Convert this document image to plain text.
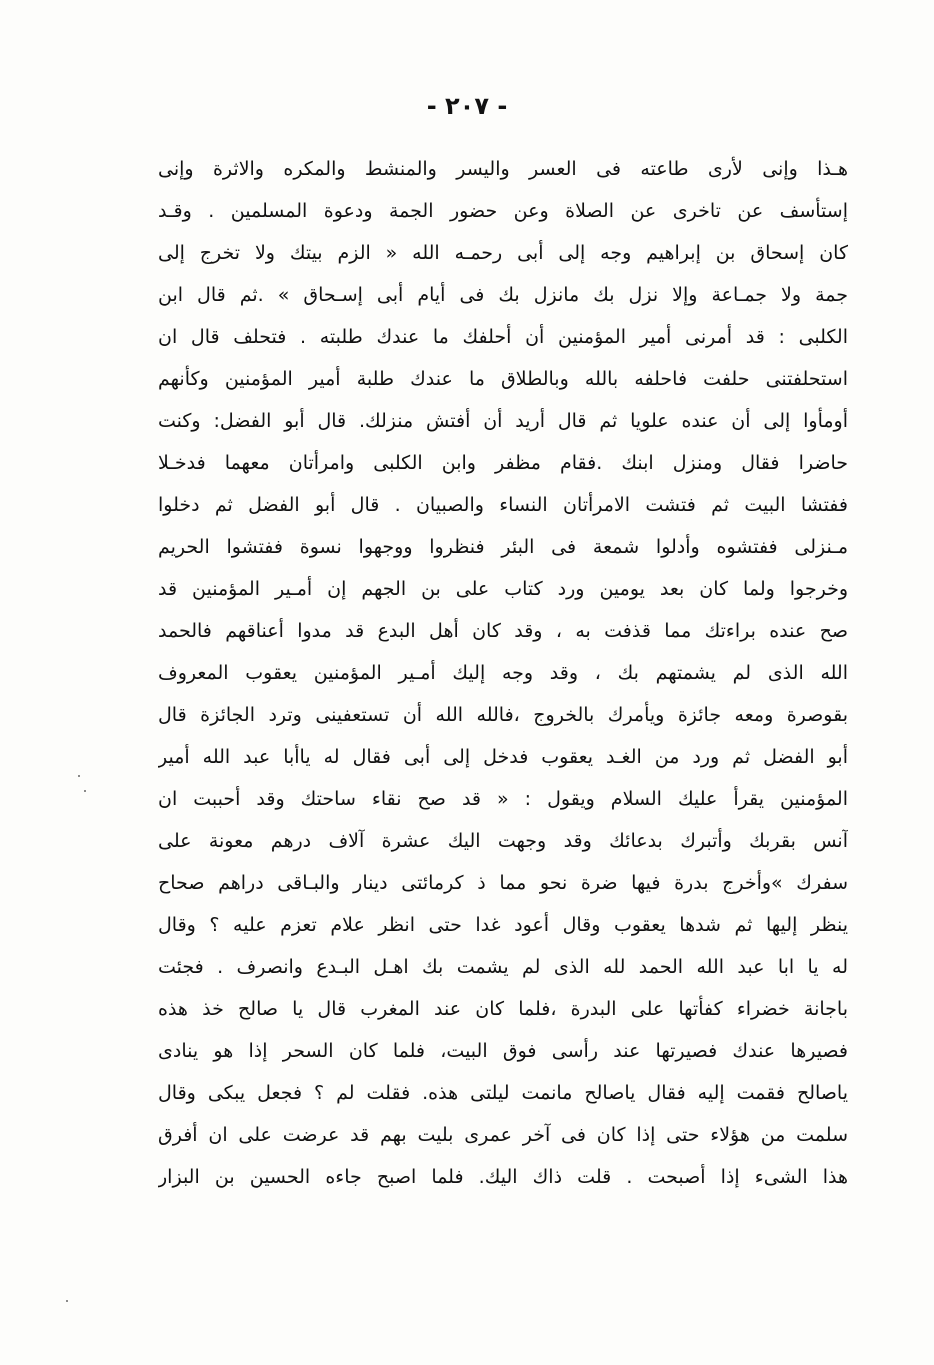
- ٢٠٧ -
هـذا وإنى لأرى طاعته فى العسر واليسر والمنشط والمكره والاثرة وإنى
إستأسف عن تاخرى عن الصلاة وعن حضور الجمة ودعوة المسلمين . وقـد
كان إسحاق بن إبراهيم وجه إلى أبى رحمـه الله « الزم بيتك ولا تخرج إلى
جمة ولا جمـاعة وإلا نزل بك مانزل بك فى أيام أبى إسـحاق » .ثم قال ابن
الكلبى : قد أمرنى أمير المؤمنين أن أحلفك ما عندك طلبته . فتحلف قال ان
استحلفتنى حلفت فاحلفه بالله وبالطلاق ما عندك طلبة أمير المؤمنين وكأنهم
أومأوا إلى أن عنده علويا ثم قال أريد أن أفتش منزلك. قال أبو الفضل: وكنت
حاضرا فقال ومنزل ابنك .فقام مظفر وابن الكلبى وامرأتان معهما فدخـلا
ففتشا البيت ثم فتشت الامرأتان النساء والصبيان . قال أبو الفضل ثم دخلوا
مـنزلى ففتشوه وأدلوا شمعة فى البئر فنظروا ووجهوا نسوة ففتشوا الحريم
وخرجوا ولما كان بعد يومين ورد كتاب على بن الجهم إن أمـير المؤمنين قد
صح عنده براءتك مما قذفت به ، وقد كان أهل البدع قد مدوا أعناقهم فالحمد
الله الذى لم يشمتهم بك ، وقد وجه إليك أمـير المؤمنين يعقوب المعروف
بقوصرة ومعه جائزة ويأمرك بالخروج ،فالله الله أن تستعفينى وترد الجائزة قال
أبو الفضل ثم ورد من الغـد يعقوب فدخل إلى أبى فقال له ياأبا عبد الله أمير
المؤمنين يقرأ عليك السلام ويقول : « قد صح نقاء ساحتك وقد أحببت ان
آنس بقربك وأتبرك بدعائك وقد وجهت اليك عشرة آلاف درهم معونة على
سفرك »وأخرج بدرة فيها ضرة نحو مما ذ كرمائتى دينار والبـاقى دراهم صحاح
ينظر إليها ثم شدها يعقوب وقال أعود غدا حتى انظر علام تعزم عليه ؟ وقال
له يا ابا عبد الله الحمد لله الذى لم يشمت بك اهـل البـدع وانصرف . فجئت
باجانة خضراء كفأتها على البدرة ،فلما كان عند المغرب قال يا صالح خذ هذه
فصيرها عندك فصيرتها عند رأسى فوق البيت، فلما كان السحر إذا هو ينادى
ياصالح فقمت إليه فقال ياصالح مانمت ليلتى هذه. فقلت لم ؟ فجعل يبكى وقال
سلمت من هؤلاء حتى إذا كان فى آخر عمرى بليت بهم قد عرضت على ان أفرق
هذا الشىء إذا أصبحت . قلت ذاك اليك. فلما اصبح جاءه الحسين بن البزار
